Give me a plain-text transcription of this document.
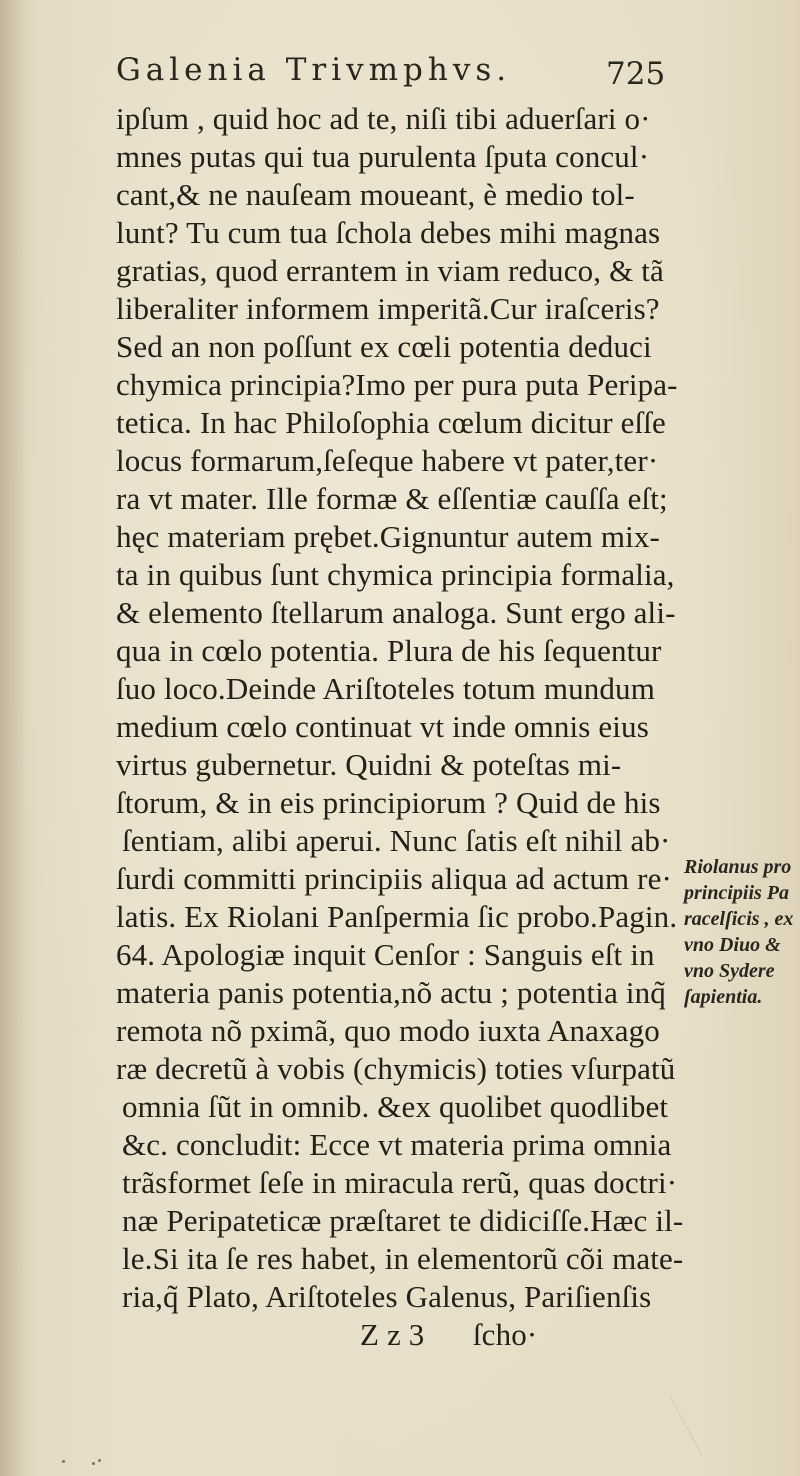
Galenia Trivmphvs.	725
ipſum , quid hoc ad te, niſi tibi aduerſari o·
mnes putas qui tua purulenta ſputa concul·
cant,& ne nauſeam moueant, è medio tol-
lunt? Tu cum tua ſchola debes mihi magnas
gratias, quod errantem in viam reduco, & tã
liberaliter informem imperitã.Cur iraſceris?
Sed an non poſſunt ex cœli potentia deduci
chymica principia?Imo per pura puta Peripa-
tetica. In hac Philoſophia cœlum dicitur eſſe
locus formarum,ſeſeque habere vt pater,ter·
ra vt mater. Ille formæ & eſſentiæ cauſſa eſt;
hęc materiam prębet.Gignuntur autem mix-
ta in quibus ſunt chymica principia formalia,
& elemento ſtellarum analoga. Sunt ergo ali-
qua in cœlo potentia. Plura de his ſequentur
ſuo loco.Deinde Ariſtoteles totum mundum
medium cœlo continuat vt inde omnis eius
virtus gubernetur. Quidni & poteſtas mi-
ſtorum, & in eis principiorum ? Quid de his
ſentiam, alibi aperui. Nunc ſatis eſt nihil ab·
ſurdi committi principiis aliqua ad actum re·
latis. Ex Riolani Panſpermia ſic probo.Pagin.
64. Apologiæ inquit Cenſor : Sanguis eſt in
materia panis potentia,nõ actu ; potentia inq̃
remota nõ pximã, quo modo iuxta Anaxago
ræ decretũ à vobis (chymicis) toties vſurpatũ
omnia ſũt in omnib. &ex quolibet quodlibet
&c. concludit: Ecce vt materia prima omnia
trãsformet ſeſe in miracula rerũ, quas doctri·
næ Peripateticæ præſtaret te didiciſſe.Hæc il-
le.Si ita ſe res habet, in elementorũ cõi mate-
ria,q̃ Plato, Ariſtoteles Galenus, Pariſienſis
Z z 3 ſcho·
Riolanus pro
principiis Pa
racelſicis , ex
vno Diuo &
vno Sydere
ſapientia.
